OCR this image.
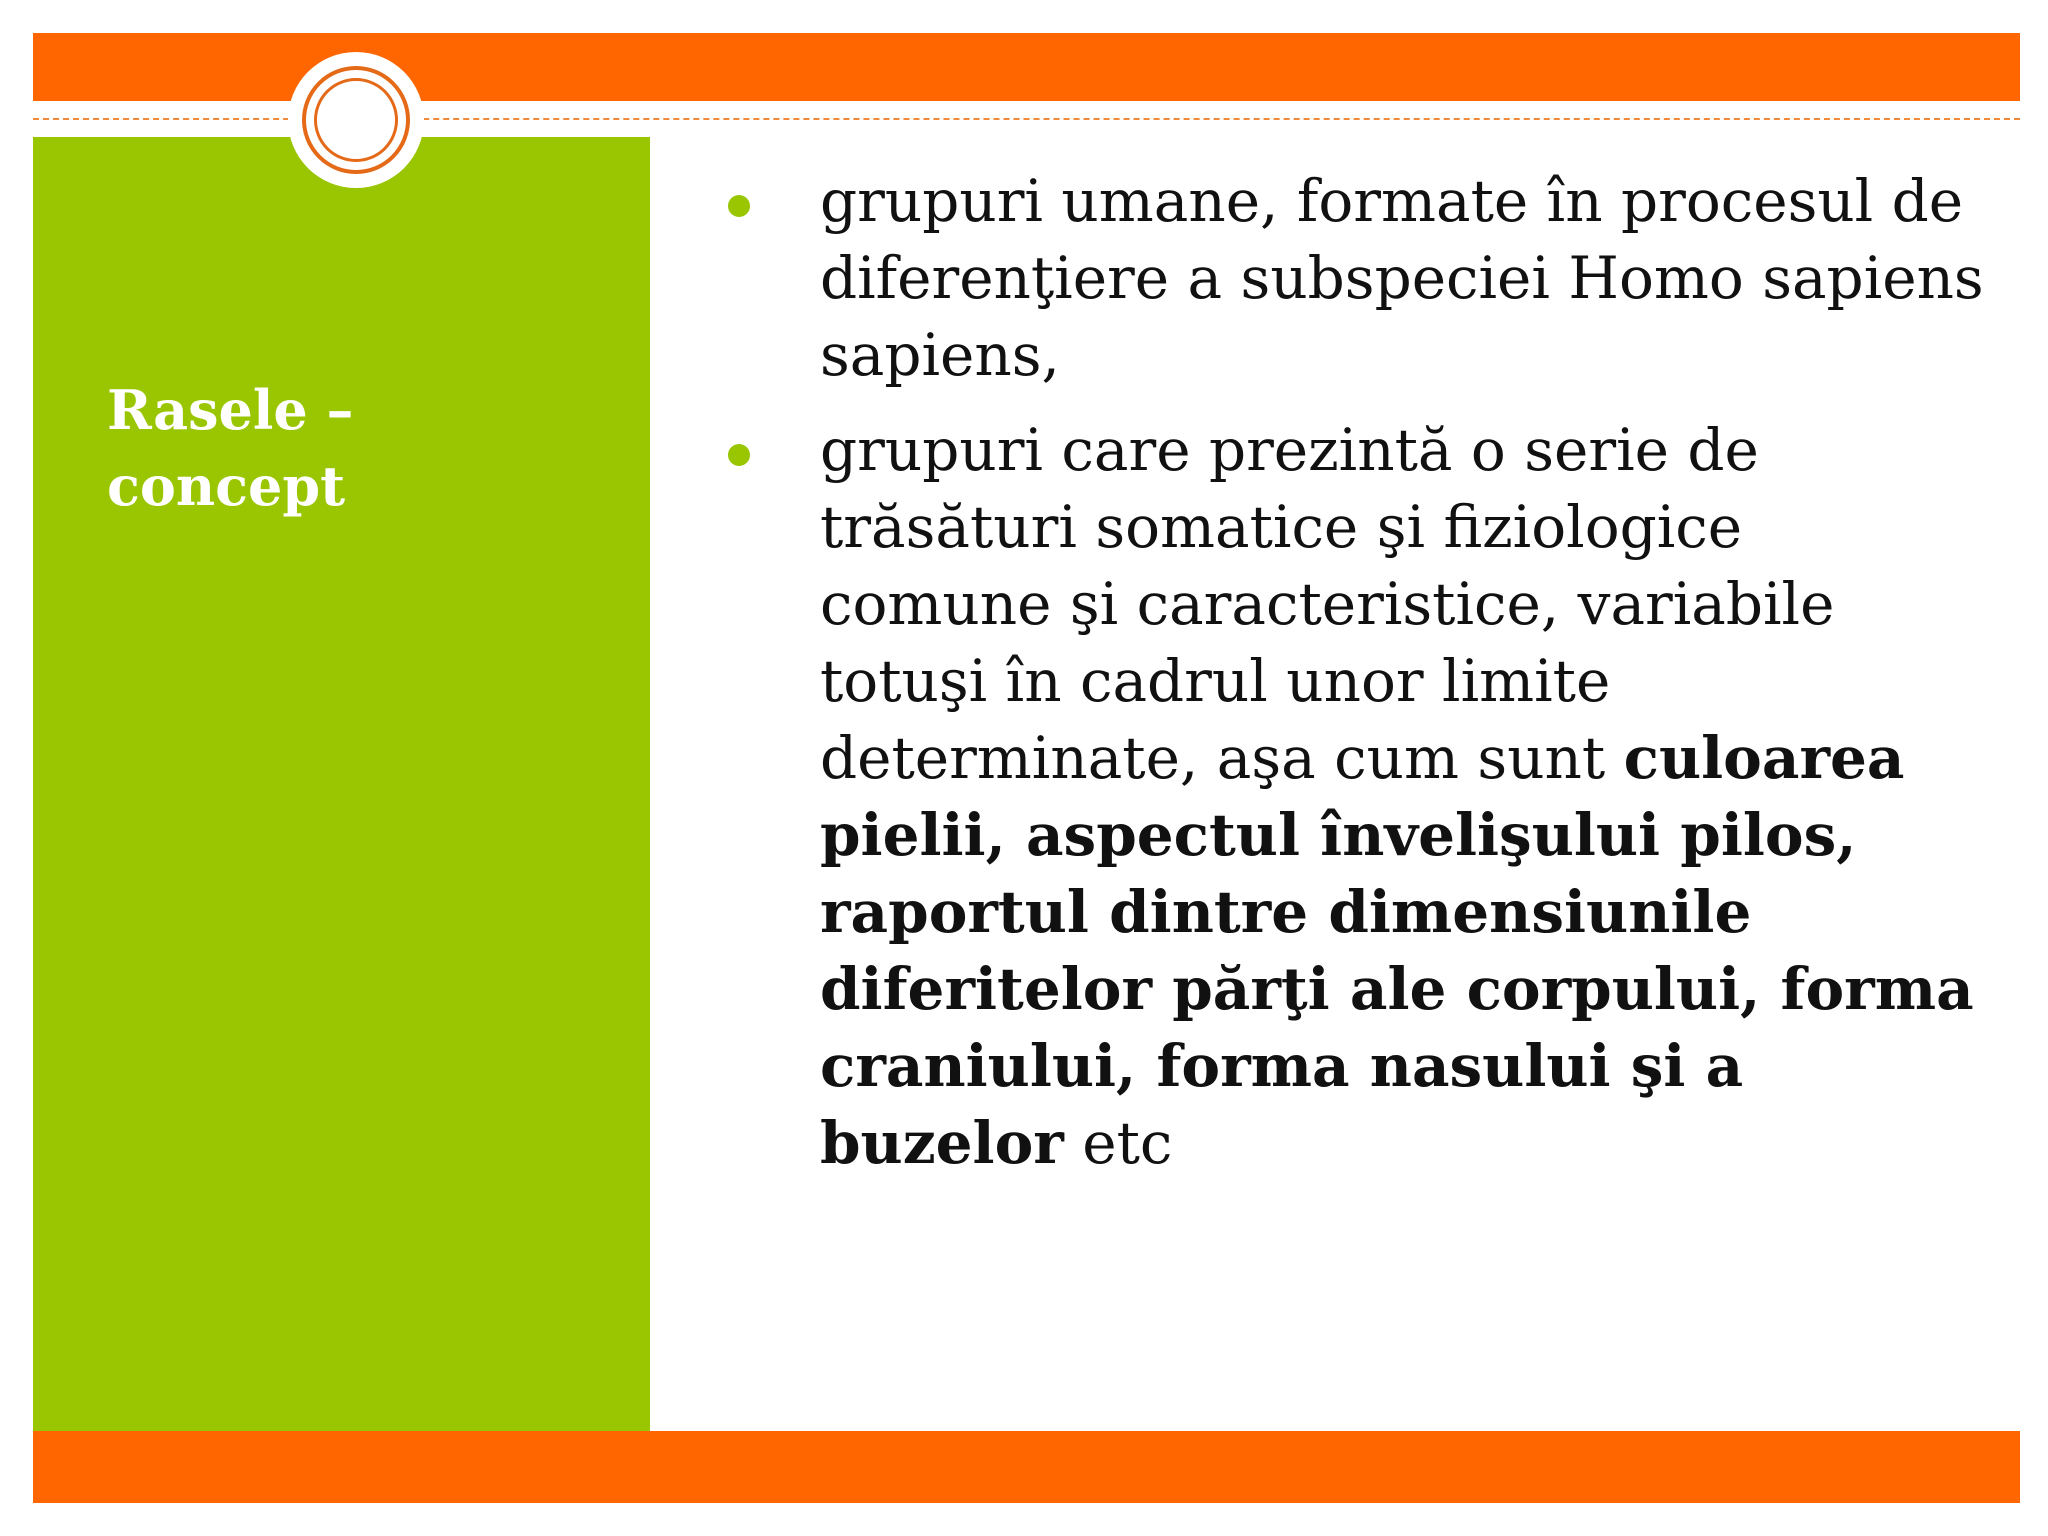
Rasele – concept
grupuri umane, formate în procesul de diferenţiere a subspeciei Homo sapiens sapiens,
grupuri care prezintă o serie de trăsături somatice şi fiziologice comune şi caracteristice, variabile totuşi în cadrul unor limite determinate, aşa cum sunt culoarea pielii, aspectul învelişului pilos, raportul dintre dimensiunile diferitelor părţi ale corpului, forma craniului, forma nasului şi a buzelor etc
